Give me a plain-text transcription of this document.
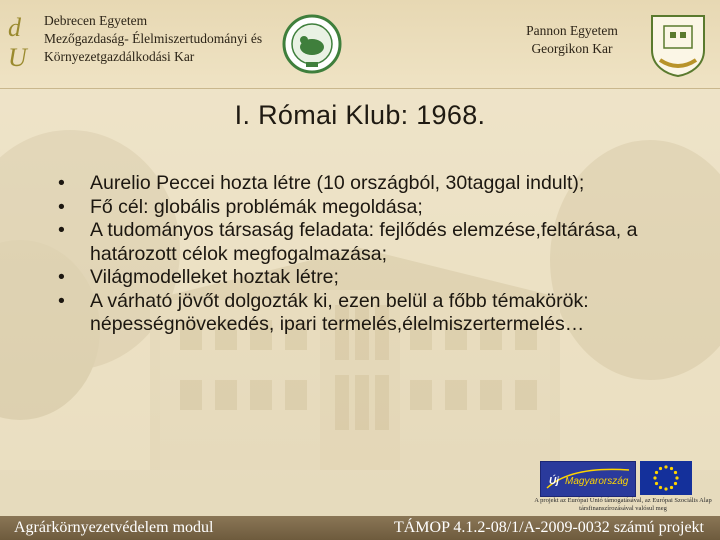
d
U
Debrecen Egyetem
Mezőgazdaság- Élelmiszertudományi és
Környezetgazdálkodási Kar
Pannon Egyetem
Georgikon Kar
I. Római Klub: 1968.
• Aurelio Peccei hozta létre (10 országból, 30taggal indult);
• Fő cél: globális problémák megoldása;
• A tudományos társaság feladata: fejlődés elemzése,feltárása, a határozott célok megfogalmazása;
• Világmodelleket hoztak létre;
• A várható jövőt dolgozták ki, ezen belül a főbb témakörök: népességnövekedés, ipari termelés,élelmiszertermelés…
Új Magyarország
A projekt az Európai Unió támogatásával, az Európai Szociális Alap társfinanszírozásával valósul meg
Agrárkörnyezetvédelem modul	TÁMOP 4.1.2-08/1/A-2009-0032 számú projekt
